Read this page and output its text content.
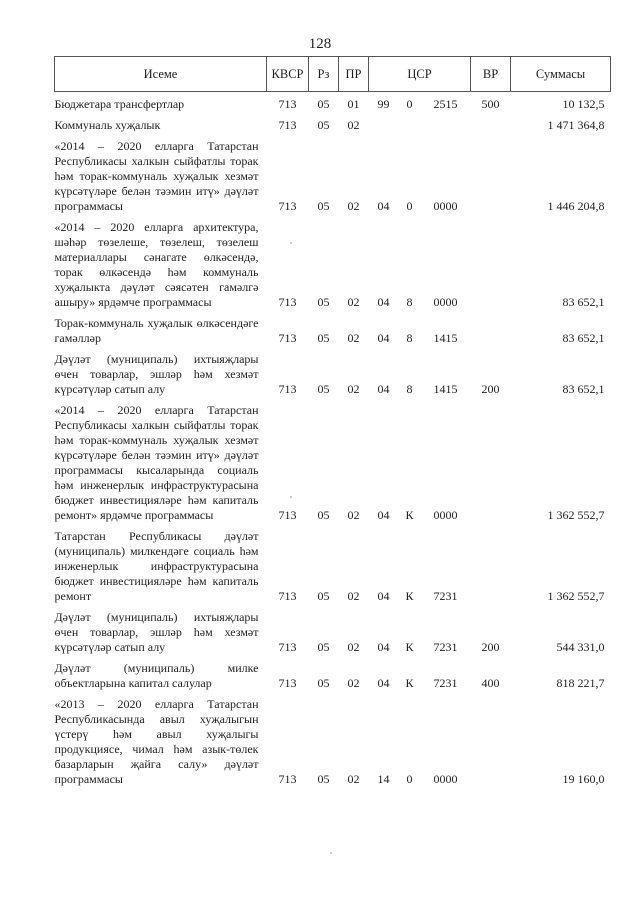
128
Исеме	КВСР	Рз	ПР	ЦСР			ВР	Суммасы
Бюджетара трансфертлар	713	05	01	99	0	2515	500	10 132,5
Коммуналь хуҗалык	713	05	02					1 471 364,8
«2014 – 2020 елларга Татарстан Республикасы халкын сыйфатлы торак һәм торак-коммуналь хуҗалык хезмәт күрсәтүләре белән тәэмин итү» дәүләт программасы	713	05	02	04	0	0000		1 446 204,8
«2014 – 2020 елларга архитектура, шәһәр төзелеше, төзелеш, төзелеш материаллары сәнагате өлкәсендә, торак өлкәсендә һәм коммуналь хуҗалыкта дәүләт сәясәтен гамәлгә ашыру» ярдәмче программасы	713	05	02	04	8	0000		83 652,1
Торак-коммуналь хуҗалык өлкәсендәге гамәлләр	713	05	02	04	8	1415		83 652,1
Дәүләт (муниципаль) ихтыяҗлары өчен товарлар, эшләр һәм хезмәт күрсәтүләр сатып алу	713	05	02	04	8	1415	200	83 652,1
«2014 – 2020 елларга Татарстан Республикасы халкын сыйфатлы торак һәм торак-коммуналь хуҗалык хезмәт күрсәтүләре белән тәэмин итү» дәүләт программасы кысаларында социаль һәм инженерлык инфраструктурасына бюджет инвестицияләре һәм капиталь ремонт» ярдәмче программасы	713	05	02	04	К	0000		1 362 552,7
Татарстан Республикасы дәүләт (муниципаль) милкендәге социаль һәм инженерлык инфраструктурасына бюджет инвестицияләре һәм капиталь ремонт	713	05	02	04	К	7231		1 362 552,7
Дәүләт (муниципаль) ихтыяҗлары өчен товарлар, эшләр һәм хезмәт күрсәтүләр сатып алу	713	05	02	04	К	7231	200	544 331,0
Дәүләт (муниципаль) милке объектларына капитал салулар	713	05	02	04	К	7231	400	818 221,7
«2013 – 2020 елларга Татарстан Республикасында авыл хуҗалыгын үстерү һәм авыл хуҗалыгы продукциясе, чимал һәм азык-төлек базарларын җайга салу» дәүләт программасы	713	05	02	14	0	0000		19 160,0
